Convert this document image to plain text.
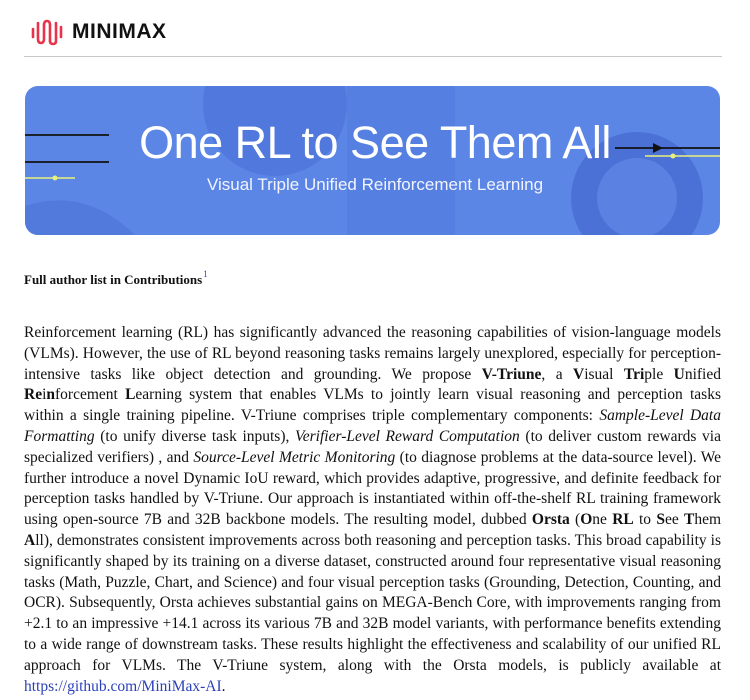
MINIMAX
One RL to See Them All
Visual Triple Unified Reinforcement Learning
Full author list in Contributions$^1$

Reinforcement learning (RL) has significantly advanced the reasoning capabilities of vision-language models (VLMs). However, the use of RL beyond reasoning tasks remains largely unexplored, especially for perception-intensive tasks like object detection and grounding. We propose V-Triune, a Visual Triple Unified Reinforcement Learning system that enables VLMs to jointly learn visual reasoning and perception tasks within a single training pipeline. V-Triune comprises triple complementary components: Sample-Level Data Formatting (to unify diverse task inputs), Verifier-Level Reward Computation (to deliver custom rewards via specialized verifiers) , and Source-Level Metric Monitoring (to diagnose problems at the data-source level). We further introduce a novel Dynamic IoU reward, which provides adaptive, progressive, and definite feedback for perception tasks handled by V-Triune. Our approach is instantiated within off-the-shelf RL training framework using open-source 7B and 32B backbone models. The resulting model, dubbed Orsta (One RL to See Them All), demonstrates consistent improvements across both reasoning and perception tasks. This broad capability is significantly shaped by its training on a diverse dataset, constructed around four representative visual reasoning tasks (Math, Puzzle, Chart, and Science) and four visual perception tasks (Grounding, Detection, Counting, and OCR). Subsequently, Orsta achieves substantial gains on MEGA-Bench Core, with improvements ranging from +2.1 to an impressive +14.1 across its various 7B and 32B model variants, with performance benefits extending to a wide range of downstream tasks. These results highlight the effectiveness and scalability of our unified RL approach for VLMs. The V-Triune system, along with the Orsta models, is publicly available at https://github.com/MiniMax-AI.
